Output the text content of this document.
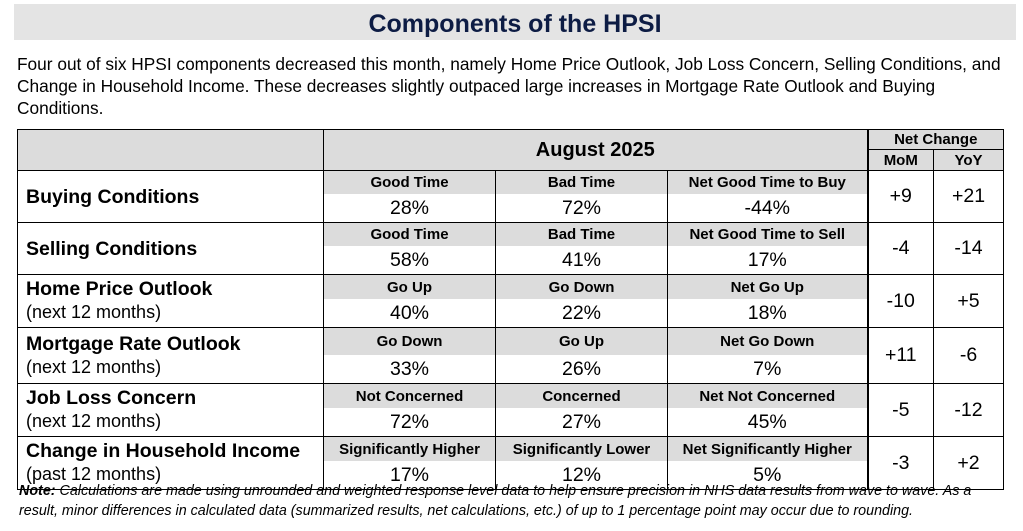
Components of the HPSI
Four out of six HPSI components decreased this month, namely Home Price Outlook, Job Loss Concern, Selling Conditions, and Change in Household Income. These decreases slightly outpaced large increases in Mortgage Rate Outlook and Buying Conditions.
	August 2025			Net Change	
				MoM	YoY

Buying Conditions	Good Time	Bad Time	Net Good Time to Buy	+9	+21
	28%	72%	-44%		

Selling Conditions	Good Time	Bad Time	Net Good Time to Sell	-4	-14
	58%	41%	17%		

Home Price Outlook
(next 12 months)	Go Up	Go Down	Net Go Up	-10	+5
	40%	22%	18%		

Mortgage Rate Outlook
(next 12 months)	Go Down	Go Up	Net Go Down	+11	-6
	33%	26%	7%		

Job Loss Concern
(next 12 months)	Not Concerned	Concerned	Net Not Concerned	-5	-12
	72%	27%	45%		

Change in Household Income
(past 12 months)	Significantly Higher	Significantly Lower	Net Significantly Higher	-3	+2
	17%	12%	5%		
Note: Calculations are made using unrounded and weighted response level data to help ensure precision in NHS data results from wave to wave. As a result, minor differences in calculated data (summarized results, net calculations, etc.) of up to 1 percentage point may occur due to rounding.
